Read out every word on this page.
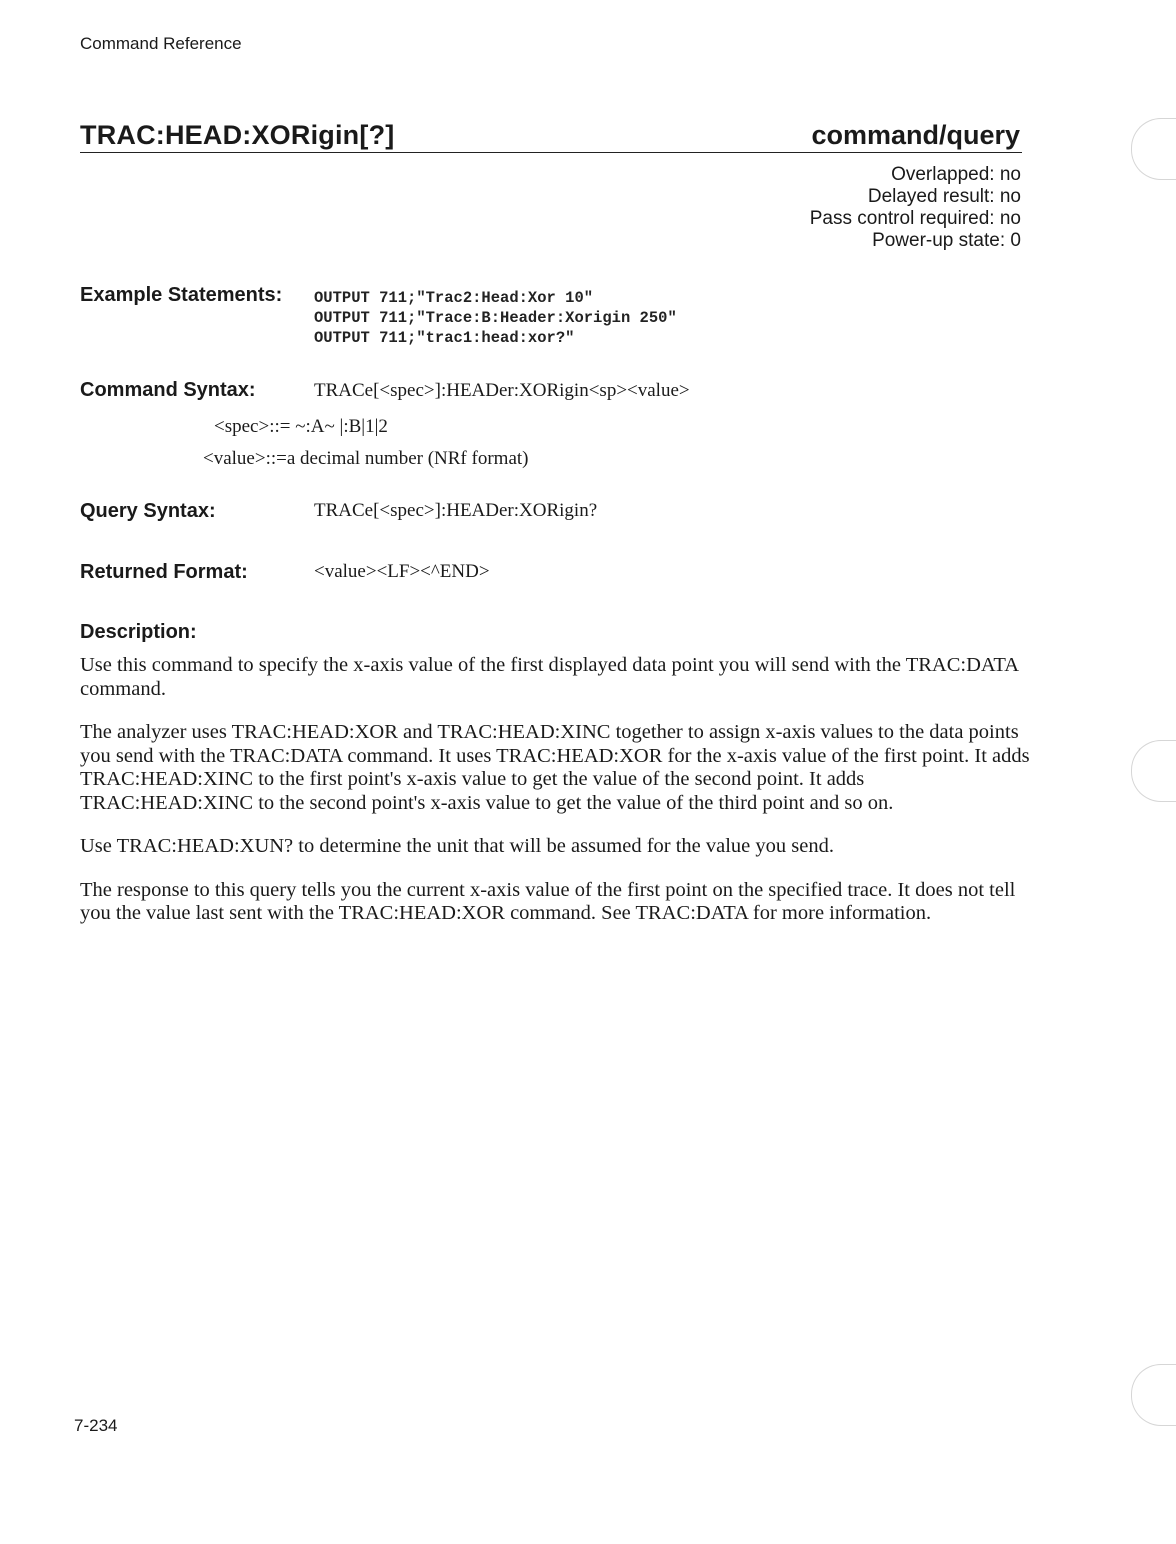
Command Reference
TRAC:HEAD:XORigin[?]	command/query
Overlapped: no
Delayed result: no
Pass control required: no
Power-up state: 0
Example Statements: OUTPUT 711;"Trac2:Head:Xor 10"
OUTPUT 711;"Trace:B:Header:Xorigin 250"
OUTPUT 711;"trac1:head:xor?"
Command Syntax:	TRACe[<spec>]:HEADer:XORigin<sp><value>
<spec>::= ~:A~ |:B|1|2
<value>::=a decimal number (NRf format)
Query Syntax:	TRACe[<spec>]:HEADer:XORigin?
Returned Format:	<value><LF><^END>
Description:

Use this command to specify the x-axis value of the first displayed data point you will send with the TRAC:DATA command.

The analyzer uses TRAC:HEAD:XOR and TRAC:HEAD:XINC together to assign x-axis values to the data points you send with the TRAC:DATA command. It uses TRAC:HEAD:XOR for the x-axis value of the first point. It adds TRAC:HEAD:XINC to the first point's x-axis value to get the value of the second point. It adds TRAC:HEAD:XINC to the second point's x-axis value to get the value of the third point and so on.

Use TRAC:HEAD:XUN? to determine the unit that will be assumed for the value you send.

The response to this query tells you the current x-axis value of the first point on the specified trace. It does not tell you the value last sent with the TRAC:HEAD:XOR command. See TRAC:DATA for more information.

7-234
